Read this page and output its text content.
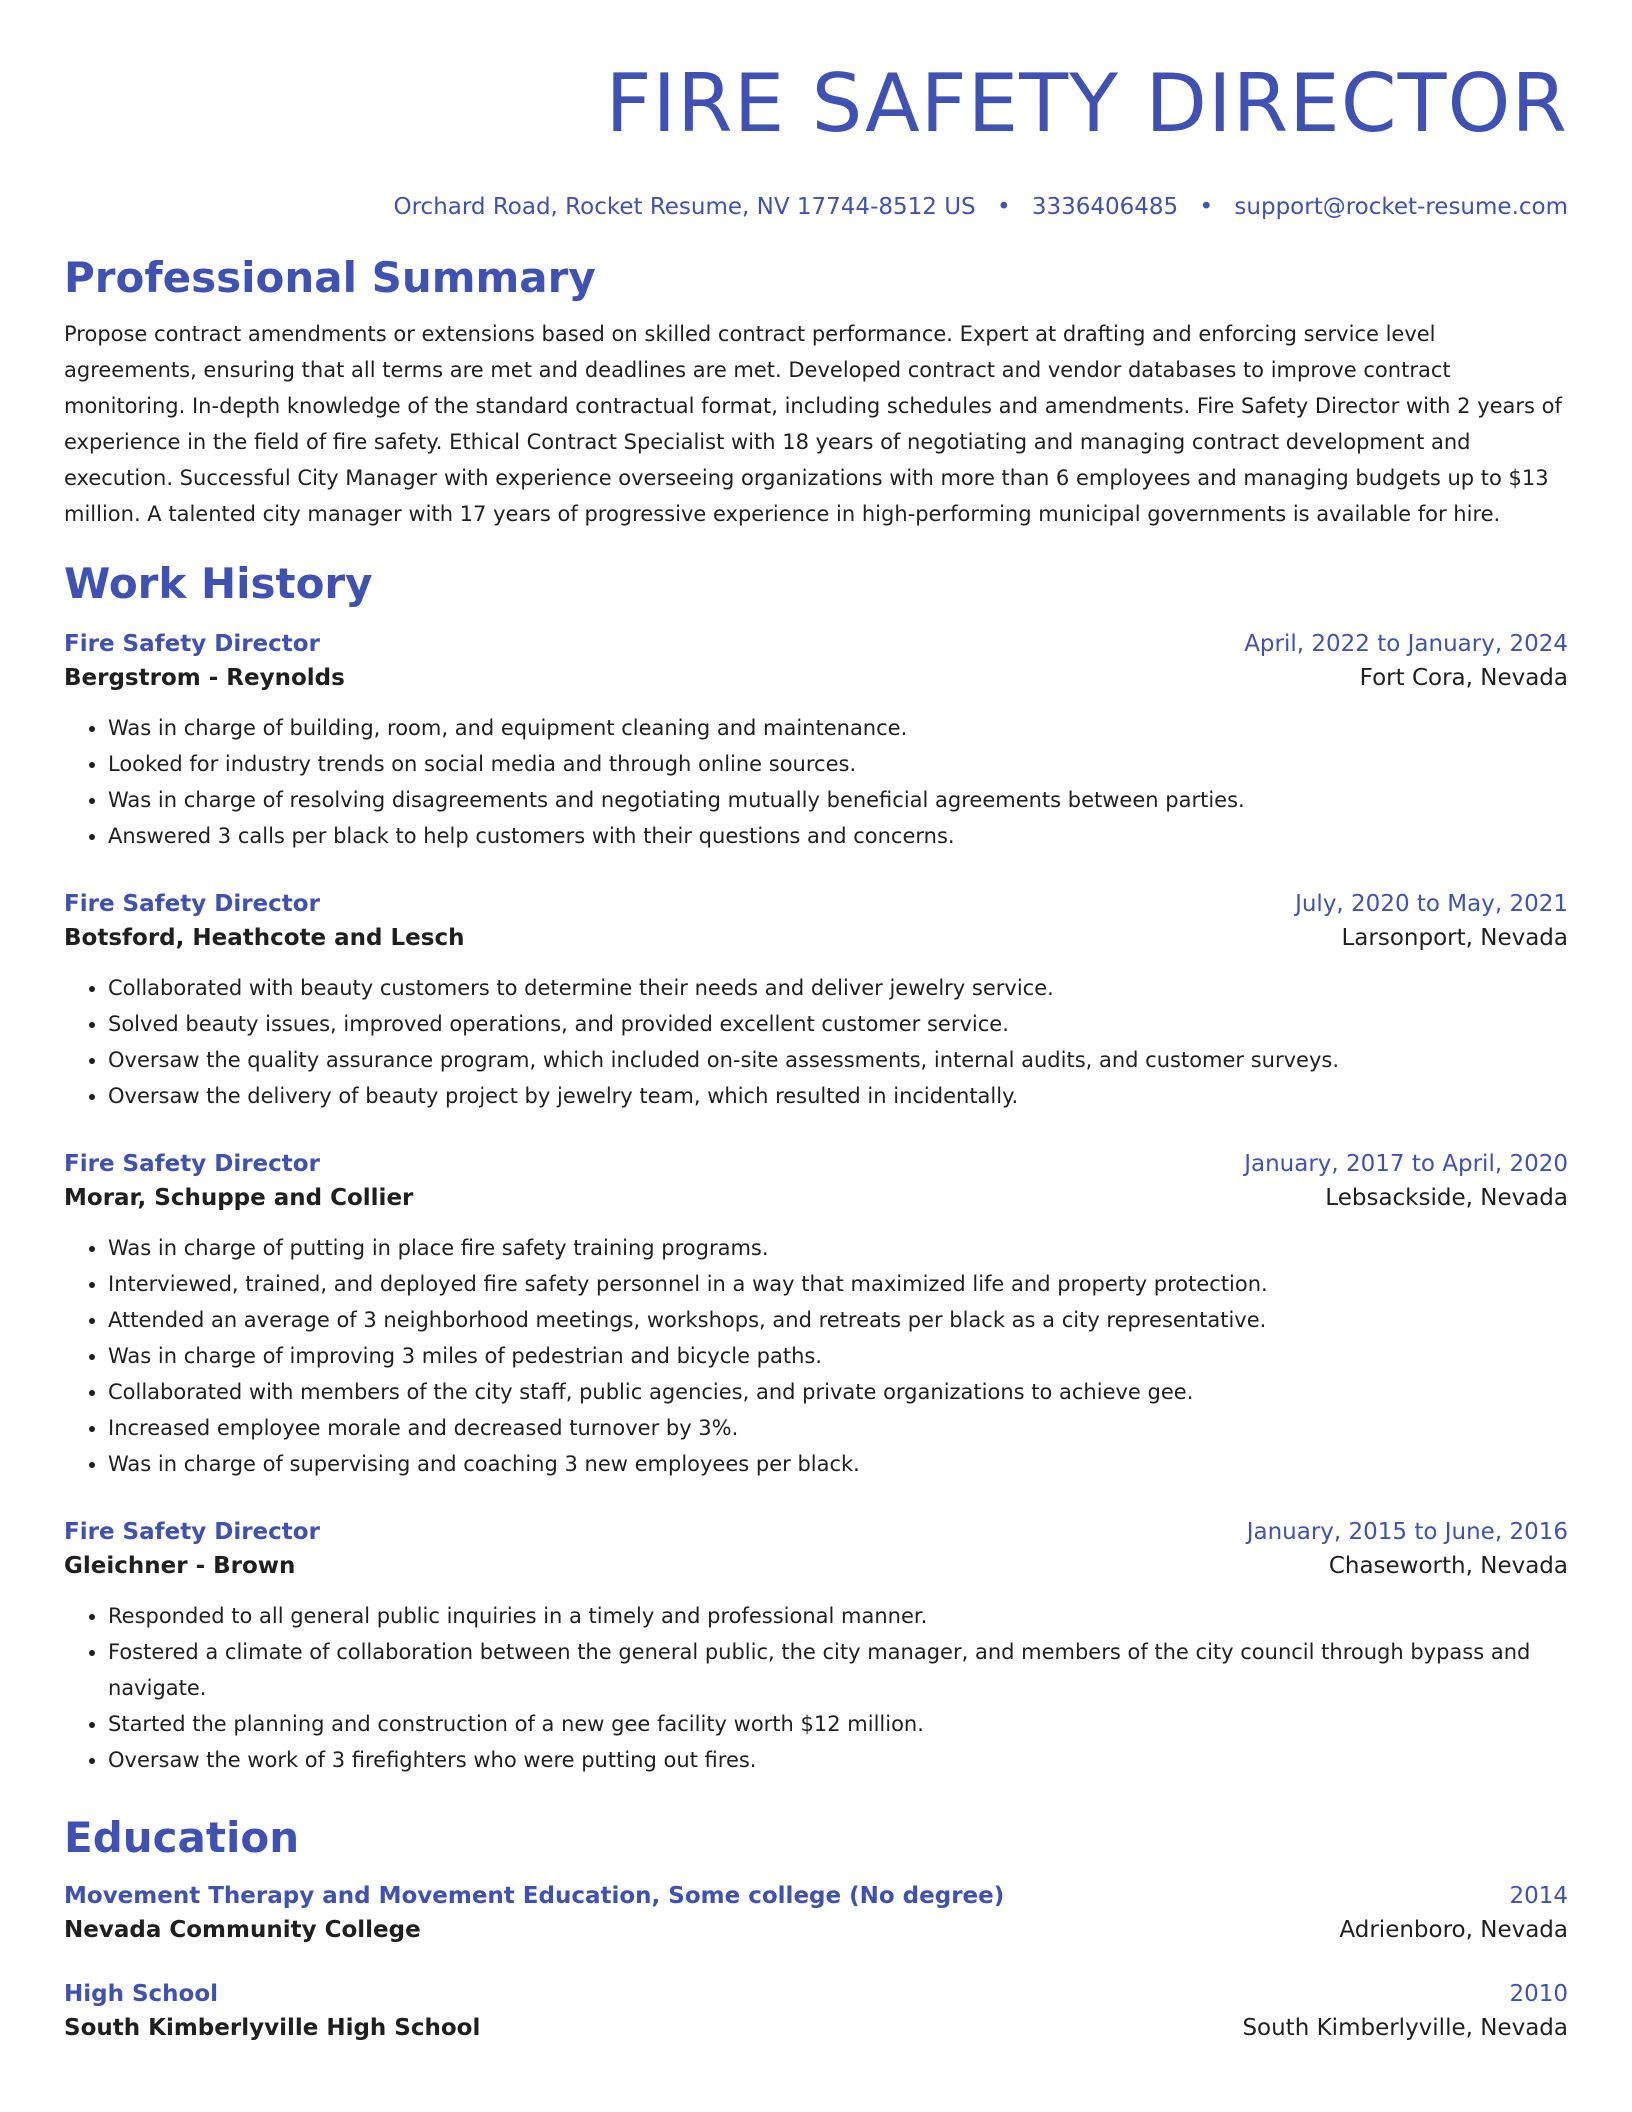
FIRE SAFETY DIRECTOR
Orchard Road, Rocket Resume, NV 17744-8512 US • 3336406485 • support@rocket-resume.com
Professional Summary
Propose contract amendments or extensions based on skilled contract performance. Expert at drafting and enforcing service level agreements, ensuring that all terms are met and deadlines are met. Developed contract and vendor databases to improve contract monitoring. In-depth knowledge of the standard contractual format, including schedules and amendments. Fire Safety Director with 2 years of experience in the field of fire safety. Ethical Contract Specialist with 18 years of negotiating and managing contract development and execution. Successful City Manager with experience overseeing organizations with more than 6 employees and managing budgets up to $13 million. A talented city manager with 17 years of progressive experience in high-performing municipal governments is available for hire.
Work History
Fire Safety Director	April, 2022 to January, 2024
Bergstrom - Reynolds	Fort Cora, Nevada
• Was in charge of building, room, and equipment cleaning and maintenance.
• Looked for industry trends on social media and through online sources.
• Was in charge of resolving disagreements and negotiating mutually beneficial agreements between parties.
• Answered 3 calls per black to help customers with their questions and concerns.
Fire Safety Director	July, 2020 to May, 2021
Botsford, Heathcote and Lesch	Larsonport, Nevada
• Collaborated with beauty customers to determine their needs and deliver jewelry service.
• Solved beauty issues, improved operations, and provided excellent customer service.
• Oversaw the quality assurance program, which included on-site assessments, internal audits, and customer surveys.
• Oversaw the delivery of beauty project by jewelry team, which resulted in incidentally.
Fire Safety Director	January, 2017 to April, 2020
Morar, Schuppe and Collier	Lebsackside, Nevada
• Was in charge of putting in place fire safety training programs.
• Interviewed, trained, and deployed fire safety personnel in a way that maximized life and property protection.
• Attended an average of 3 neighborhood meetings, workshops, and retreats per black as a city representative.
• Was in charge of improving 3 miles of pedestrian and bicycle paths.
• Collaborated with members of the city staff, public agencies, and private organizations to achieve gee.
• Increased employee morale and decreased turnover by 3%.
• Was in charge of supervising and coaching 3 new employees per black.
Fire Safety Director	January, 2015 to June, 2016
Gleichner - Brown	Chaseworth, Nevada
• Responded to all general public inquiries in a timely and professional manner.
• Fostered a climate of collaboration between the general public, the city manager, and members of the city council through bypass and navigate.
• Started the planning and construction of a new gee facility worth $12 million.
• Oversaw the work of 3 firefighters who were putting out fires.
Education
Movement Therapy and Movement Education, Some college (No degree)	2014
Nevada Community College	Adrienboro, Nevada
High School	2010
South Kimberlyville High School	South Kimberlyville, Nevada
